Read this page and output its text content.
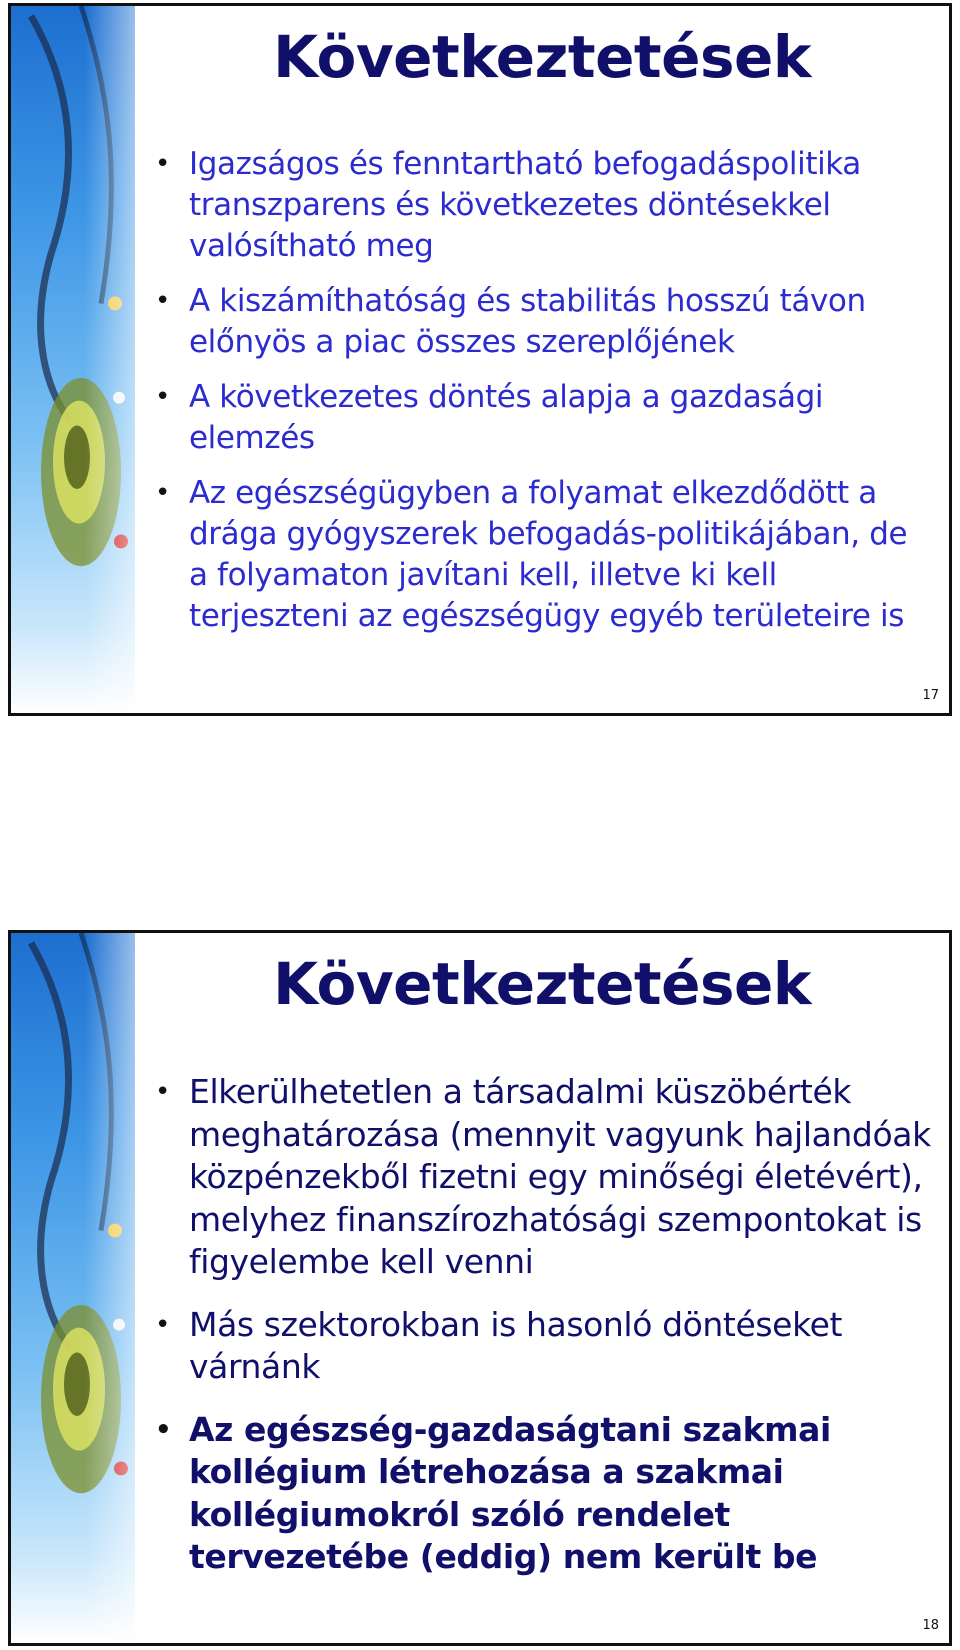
Következtetések
• Igazságos és fenntartható befogadáspolitika transzparens és következetes döntésekkel valósítható meg
• A kiszámíthatóság és stabilitás hosszú távon előnyös a piac összes szereplőjének
• A következetes döntés alapja a gazdasági elemzés
• Az egészségügyben a folyamat elkezdődött a drága gyógyszerek befogadás-politikájában, de a folyamaton javítani kell, illetve ki kell terjeszteni az egészségügy egyéb területeire is
17
Következtetések
• Elkerülhetetlen a társadalmi küszöbérték meghatározása (mennyit vagyunk hajlandóak közpénzekből fizetni egy minőségi életévért), melyhez finanszírozhatósági szempontokat is figyelembe kell venni
• Más szektorokban is hasonló döntéseket várnánk
• Az egészség-gazdaságtani szakmai kollégium létrehozása a szakmai kollégiumokról szóló rendelet tervezetébe (eddig) nem került be
18
